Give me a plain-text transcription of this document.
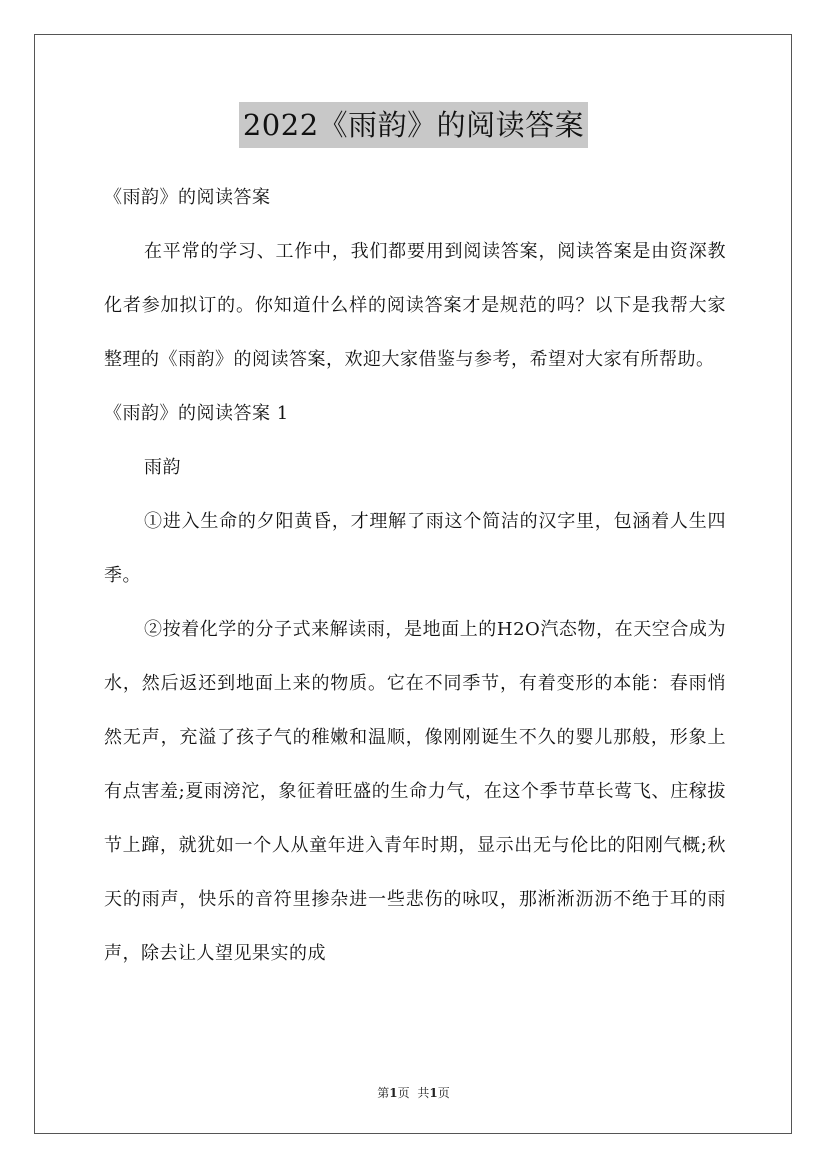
2022《雨韵》的阅读答案

《雨韵》的阅读答案

在平常的学习、工作中，我们都要用到阅读答案，阅读答案是由资深教化者参加拟订的。你知道什么样的阅读答案才是规范的吗？以下是我帮大家整理的《雨韵》的阅读答案，欢迎大家借鉴与参考，希望对大家有所帮助。

《雨韵》的阅读答案 1

雨韵

①进入生命的夕阳黄昏，才理解了雨这个简洁的汉字里，包涵着人生四季。

②按着化学的分子式来解读雨，是地面上的H2O汽态物，在天空合成为水，然后返还到地面上来的物质。它在不同季节，有着变形的本能：春雨悄然无声，充溢了孩子气的稚嫩和温顺，像刚刚诞生不久的婴儿那般，形象上有点害羞;夏雨滂沱，象征着旺盛的生命力气，在这个季节草长莺飞、庄稼拔节上蹿，就犹如一个人从童年进入青年时期，显示出无与伦比的阳刚气概;秋天的雨声，快乐的音符里掺杂进一些悲伤的咏叹，那淅淅沥沥不绝于耳的雨声，除去让人望见果实的成

第1页 共1页
